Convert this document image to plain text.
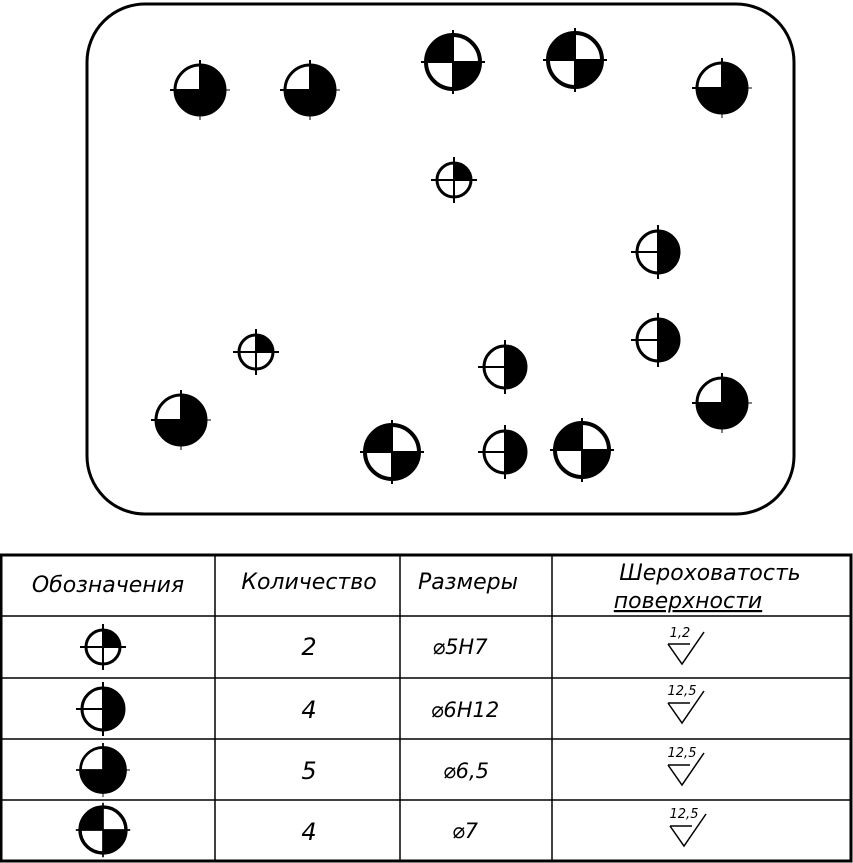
Обозначения	Количество Размеры	Шероховатость
поверхности
2
4
5
4
⌀5H7
⌀6H12
⌀6,5
⌀7
1,2
12,5
12,5
12,5
